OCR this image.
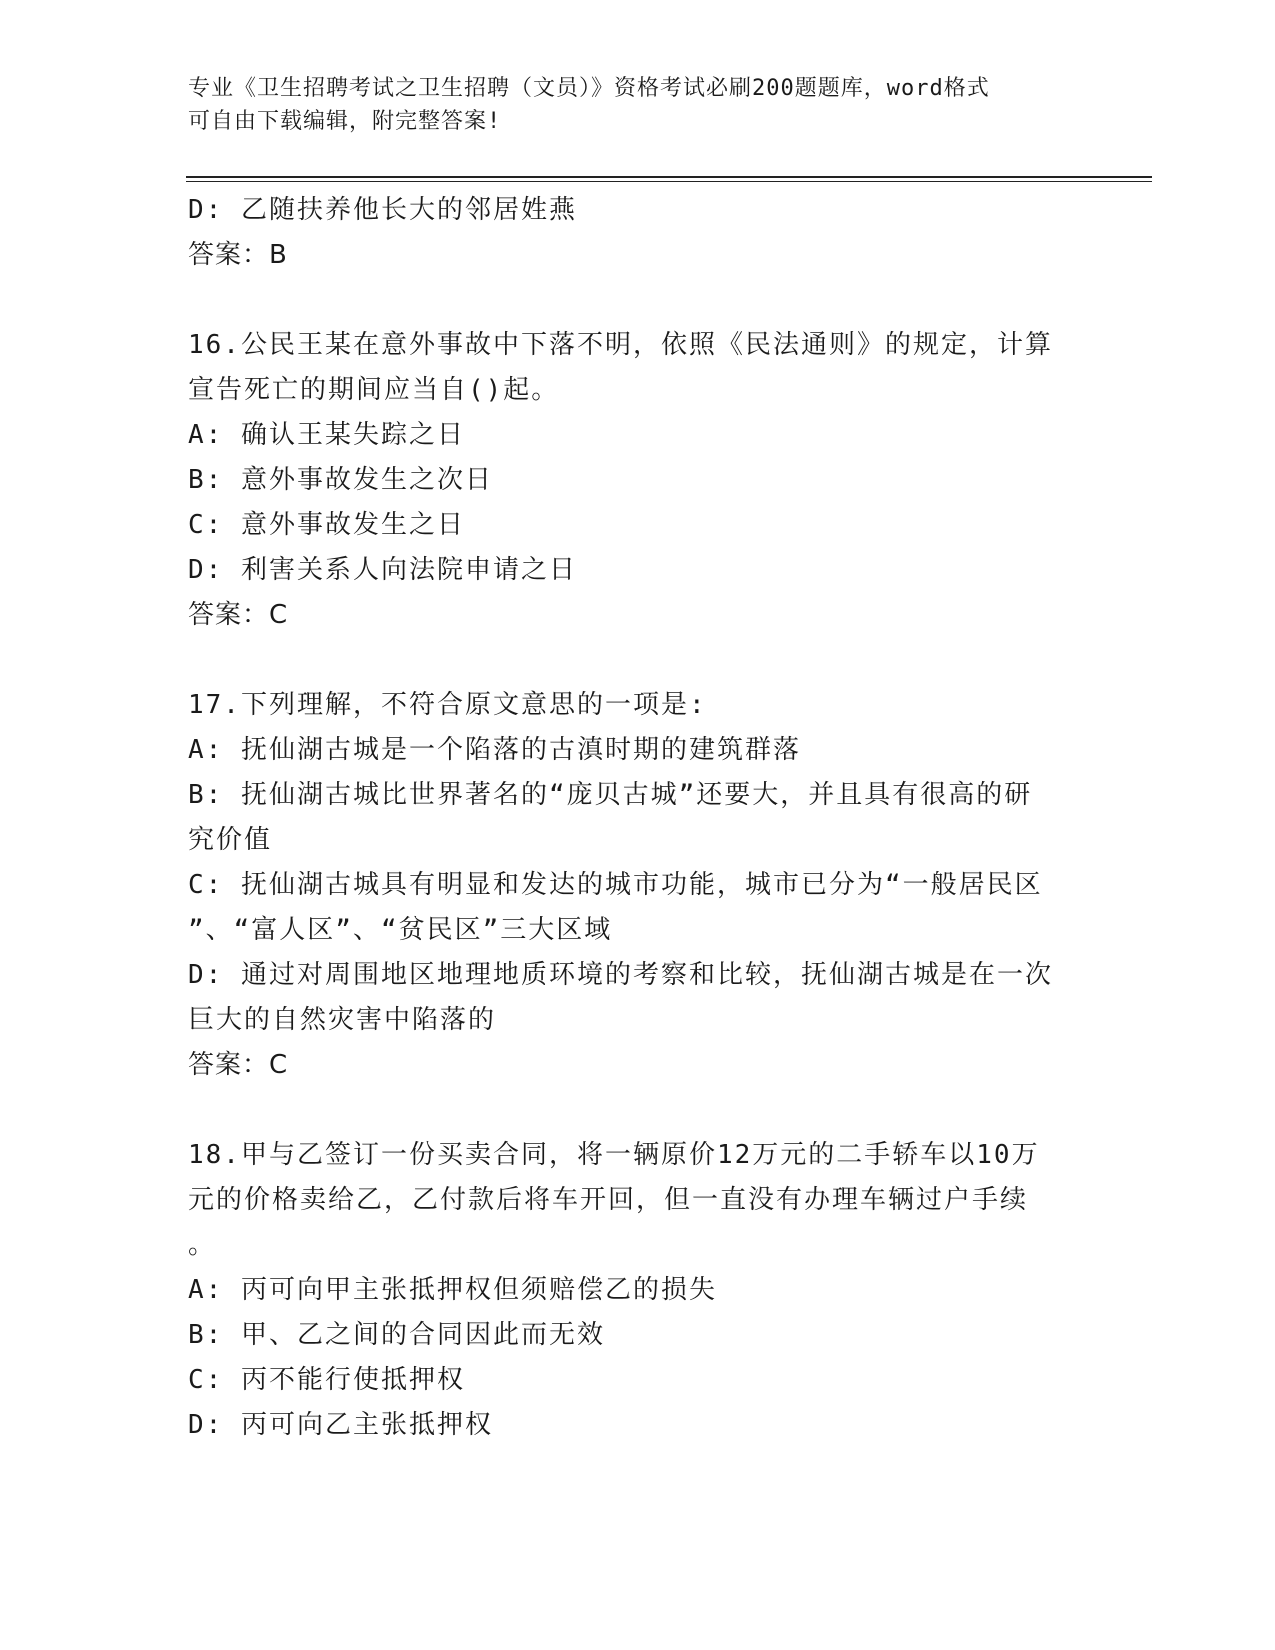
专业《卫生招聘考试之卫生招聘（文员）》资格考试必刷200题题库，word格式
可自由下载编辑，附完整答案!
D: 乙随扶养他长大的邻居姓燕
答案：B
16.公民王某在意外事故中下落不明，依照《民法通则》的规定，计算
宣告死亡的期间应当自()起。
A: 确认王某失踪之日
B: 意外事故发生之次日
C: 意外事故发生之日
D: 利害关系人向法院申请之日
答案：C
17.下列理解，不符合原文意思的一项是:
A: 抚仙湖古城是一个陷落的古滇时期的建筑群落
B: 抚仙湖古城比世界著名的“庞贝古城”还要大，并且具有很高的研
究价值
C: 抚仙湖古城具有明显和发达的城市功能，城市已分为“一般居民区
”、“富人区”、“贫民区”三大区域
D: 通过对周围地区地理地质环境的考察和比较，抚仙湖古城是在一次
巨大的自然灾害中陷落的
答案：C
18.甲与乙签订一份买卖合同，将一辆原价12万元的二手轿车以10万
元的价格卖给乙，乙付款后将车开回，但一直没有办理车辆过户手续
。
A: 丙可向甲主张抵押权但须赔偿乙的损失
B: 甲、乙之间的合同因此而无效
C: 丙不能行使抵押权
D: 丙可向乙主张抵押权
